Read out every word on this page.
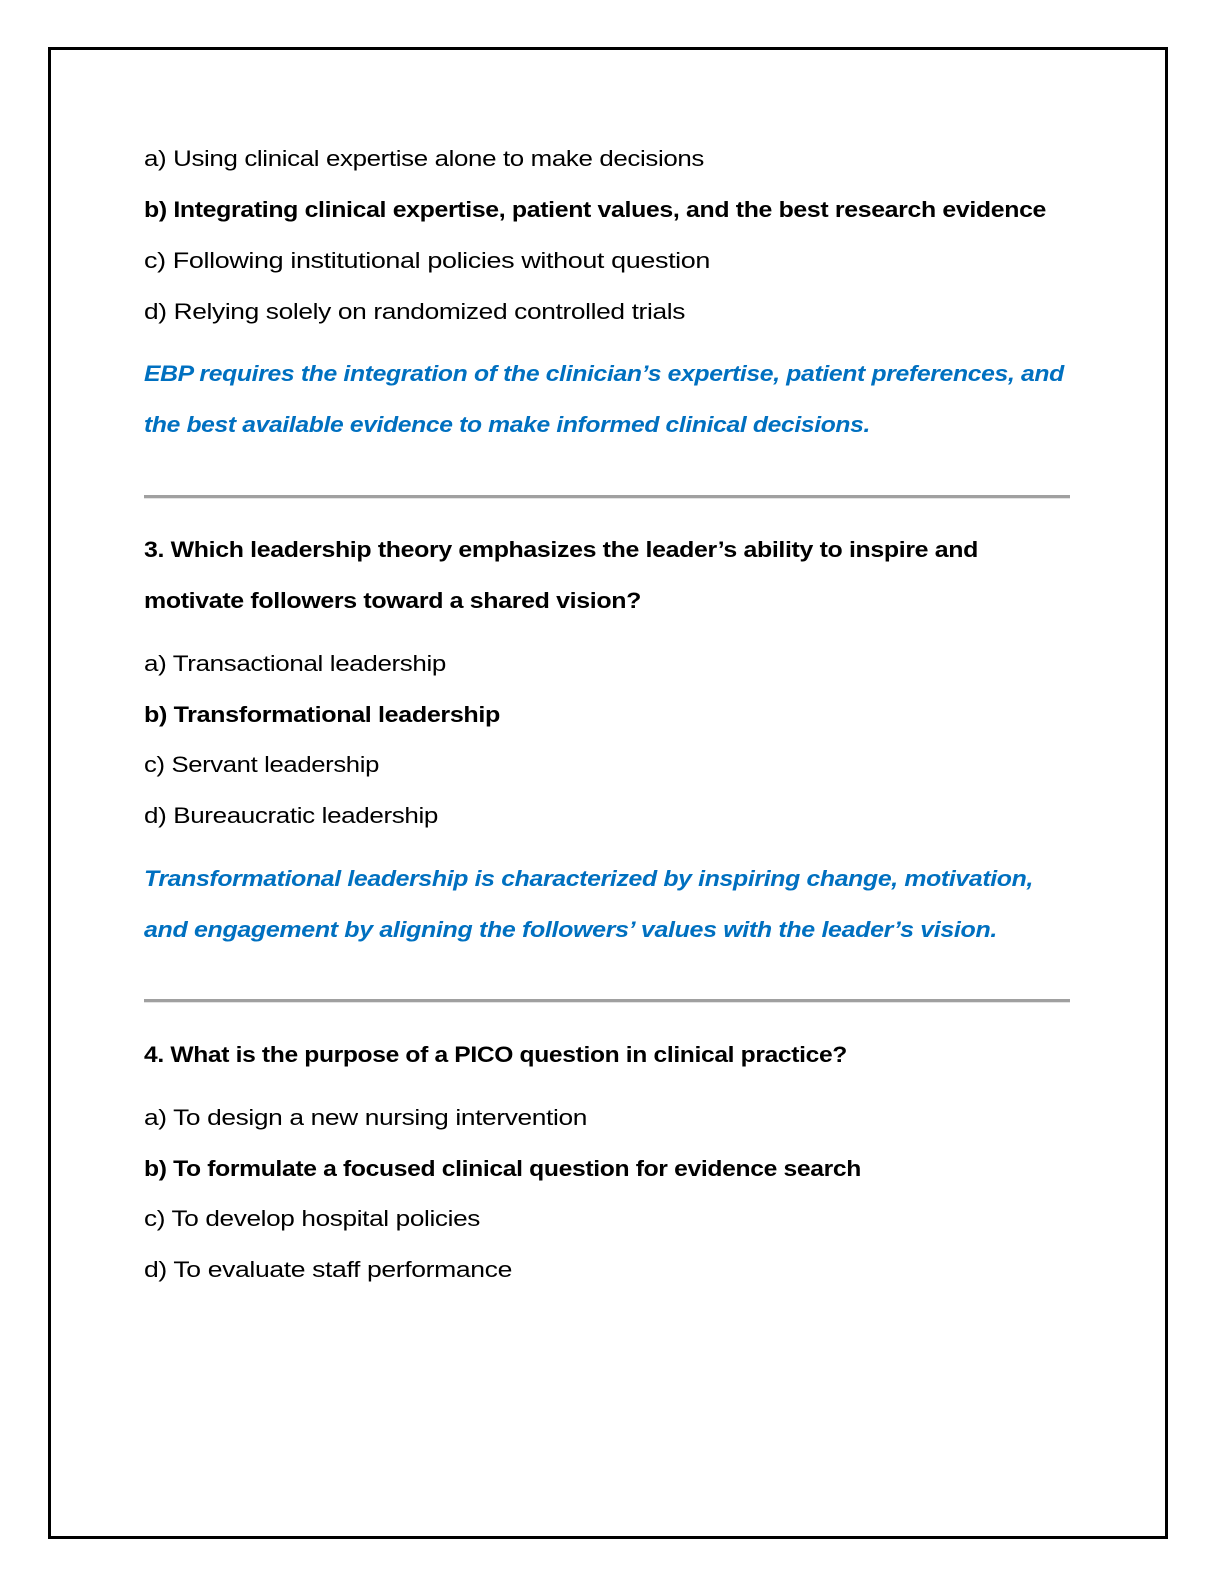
a) Using clinical expertise alone to make decisions
b) Integrating clinical expertise, patient values, and the best research evidence
c) Following institutional policies without question
d) Relying solely on randomized controlled trials
EBP requires the integration of the clinician’s expertise, patient preferences, and
the best available evidence to make informed clinical decisions.
3. Which leadership theory emphasizes the leader’s ability to inspire and
motivate followers toward a shared vision?
a) Transactional leadership
b) Transformational leadership
c) Servant leadership
d) Bureaucratic leadership
Transformational leadership is characterized by inspiring change, motivation,
and engagement by aligning the followers’ values with the leader’s vision.
4. What is the purpose of a PICO question in clinical practice?
a) To design a new nursing intervention
b) To formulate a focused clinical question for evidence search
c) To develop hospital policies
d) To evaluate staff performance
